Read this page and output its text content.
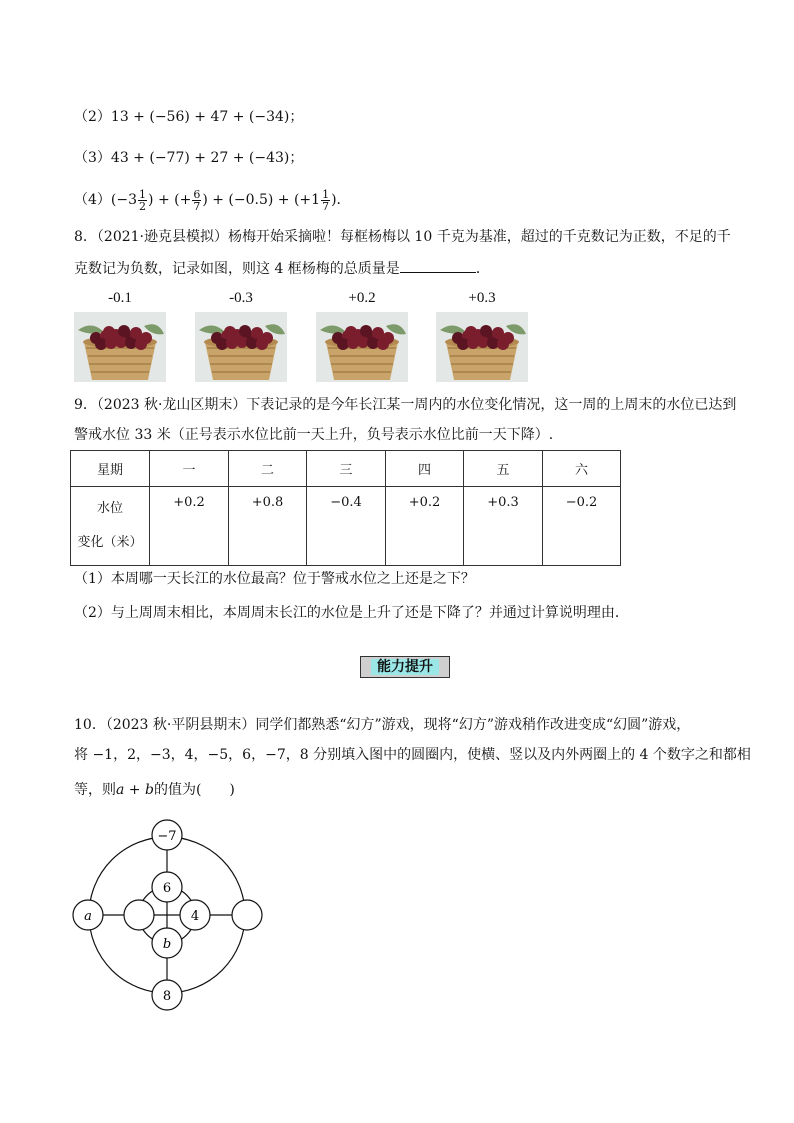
（2）13 + (−56) + 47 + (−34)；
（3）43 + (−77) + 27 + (−43)；
$(4)(-3 \frac{1}{2}$ ) + (+ $\frac{6}{7}$ ) + $(-0.5) + (+1 \frac{1}{7}$ )．
8．（2021·逊克县模拟）杨梅开始采摘啦！每框杨梅以 10 千克为基准，超过的千克数记为正数，不足的千
克数记为负数，记录如图，则这 4 框杨梅的总质量是	．
-0.1	-0.3	+0.2	+0.3
9．（2023 秋·龙山区期末）下表记录的是今年长江某一周内的水位变化情况，这一周的上周末的水位已达到
警戒水位 33 米（正号表示水位比前一天上升，负号表示水位比前一天下降）.
星期	一	二	三	四	五	六

水位
变化（米）	+0.2	+0.8	−0.4	+0.2	+0.3	−0.2
（1）本周哪一天长江的水位最高？位于警戒水位之上还是之下？
（2）与上周周末相比，本周周末长江的水位是上升了还是下降了？并通过计算说明理由．
能力提升
10．（2023 秋·平阴县期末）同学们都熟悉“幻方”游戏，现将“幻方”游戏稍作改进变成“幻圆”游戏，
将 −1，2，−3，4，−5，6，−7，8 分别填入图中的圆圈内，使横、竖以及内外两圈上的 4 个数字之和都相
等，则a + b的值为(　　)
−7
6
a	4
b
8
